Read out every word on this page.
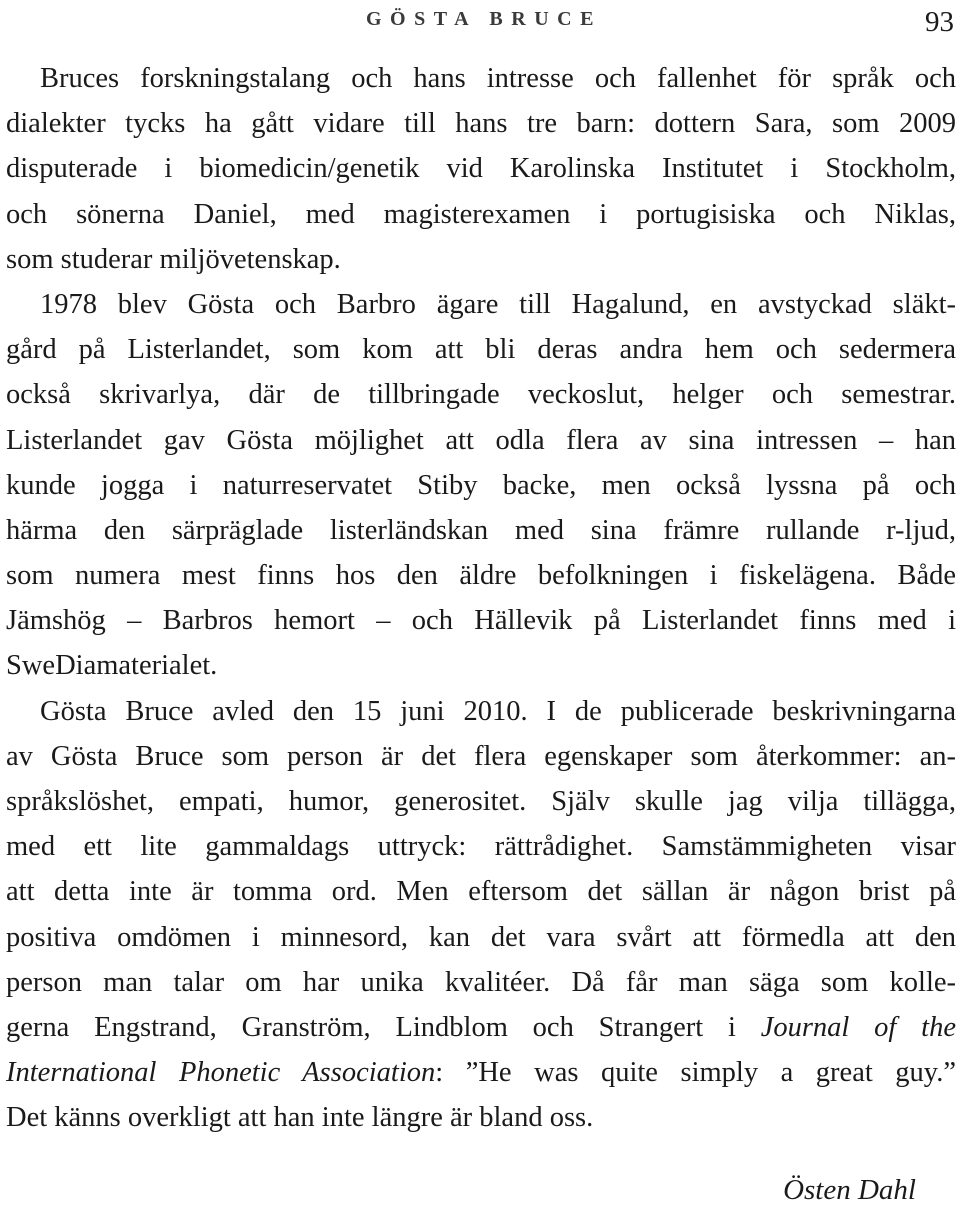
GÖSTA BRUCE	93
Bruces forskningstalang och hans intresse och fallenhet för språk och
dialekter tycks ha gått vidare till hans tre barn: dottern Sara, som 2009
disputerade i biomedicin/genetik vid Karolinska Institutet i Stockholm,
och sönerna Daniel, med magisterexamen i portugisiska och Niklas,
som studerar miljövetenskap.
1978 blev Gösta och Barbro ägare till Hagalund, en avstyckad släkt-
gård på Listerlandet, som kom att bli deras andra hem och sedermera
också skrivarlya, där de tillbringade veckoslut, helger och semestrar.
Listerlandet gav Gösta möjlighet att odla flera av sina intressen – han
kunde jogga i naturreservatet Stiby backe, men också lyssna på och
härma den särpräglade listerländskan med sina främre rullande r-ljud,
som numera mest finns hos den äldre befolkningen i fiskelägena. Både
Jämshög – Barbros hemort – och Hällevik på Listerlandet finns med i
SweDiamaterialet.
Gösta Bruce avled den 15 juni 2010. I de publicerade beskrivningarna
av Gösta Bruce som person är det flera egenskaper som återkommer: an-
språkslöshet, empati, humor, generositet. Själv skulle jag vilja tillägga,
med ett lite gammaldags uttryck: rättrådighet. Samstämmigheten visar
att detta inte är tomma ord. Men eftersom det sällan är någon brist på
positiva omdömen i minnesord, kan det vara svårt att förmedla att den
person man talar om har unika kvalitéer. Då får man säga som kolle-
gerna Engstrand, Granström, Lindblom och Strangert i Journal of the
International Phonetic Association: ”He was quite simply a great guy.”
Det känns overkligt att han inte längre är bland oss.
Östen Dahl
